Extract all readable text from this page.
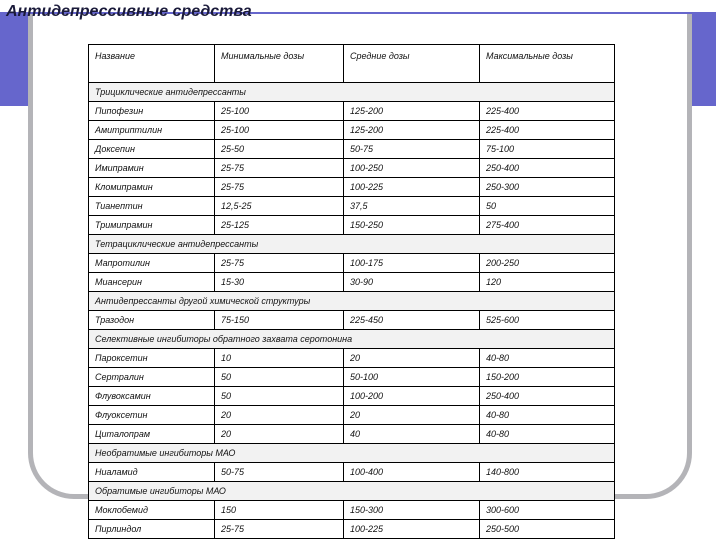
Антидепрессивные средства
Название	Минимальные дозы	Средние дозы	Максимальные дозы
Трициклические антидепрессанты			
Пипофезин	25-100	125-200	225-400
Амитриптилин	25-100	125-200	225-400
Доксепин	25-50	50-75	75-100
Имипрамин	25-75	100-250	250-400
Кломипрамин	25-75	100-225	250-300
Тианептин	12,5-25	37,5	50
Тримипрамин	25-125	150-250	275-400
Тетрациклические антидепрессанты			
Мапротилин	25-75	100-175	200-250
Миансерин	15-30	30-90	120
Антидепрессанты другой химической структуры			
Тразодон	75-150	225-450	525-600
Селективные ингибиторы обратного захвата серотонина			
Пароксетин	10	20	40-80
Сертралин	50	50-100	150-200
Флувоксамин	50	100-200	250-400
Флуоксетин	20	20	40-80
Циталопрам	20	40	40-80
Необратимые ингибиторы МАО			
Ниаламид	50-75	100-400	140-800
Обратимые ингибиторы МАО			
Моклобемид	150	150-300	300-600
Пирлиндол	25-75	100-225	250-500
